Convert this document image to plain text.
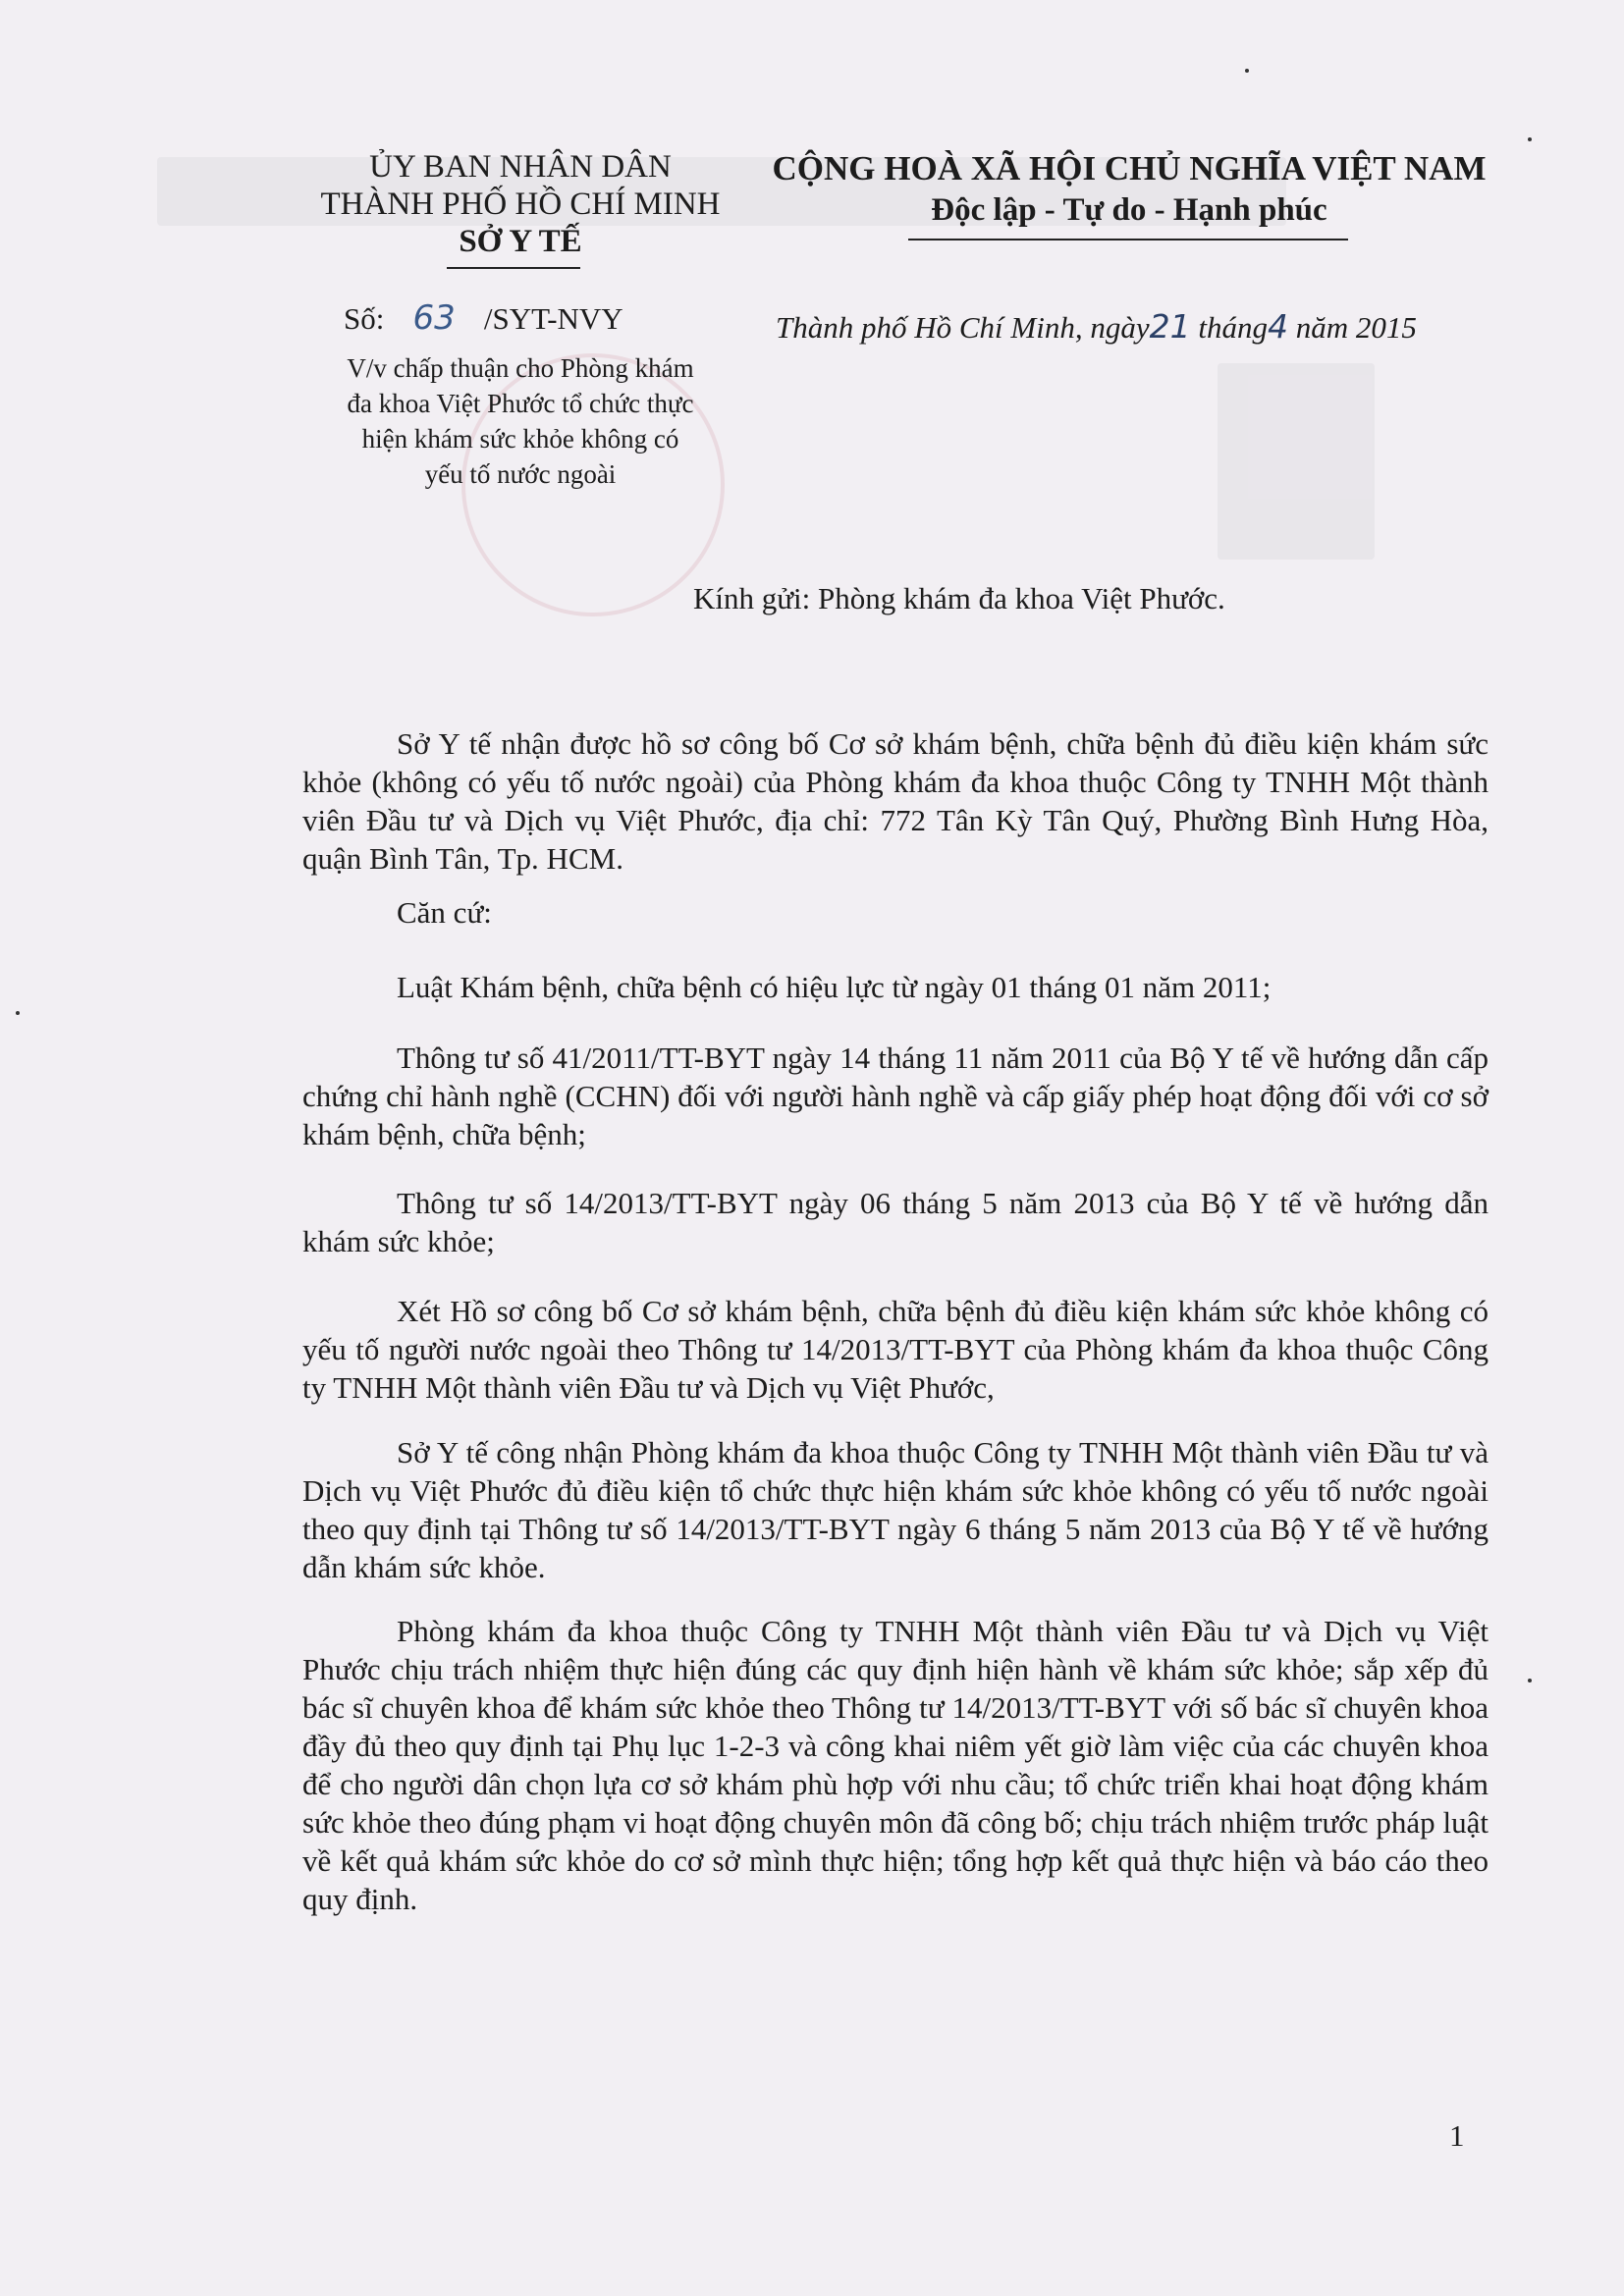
ỦY BAN NHÂN DÂN

THÀNH PHỐ HỒ CHÍ MINH

SỞ Y TẾ

Số: 63 /SYT-NVY

V/v chấp thuận cho Phòng khám
đa khoa Việt Phước tổ chức thực
hiện khám sức khỏe không có
yếu tố nước ngoài

CỘNG HOÀ XÃ HỘI CHỦ NGHĨA VIỆT NAM

Độc lập - Tự do - Hạnh phúc

Thành phố Hồ Chí Minh, ngày21 tháng4 năm 2015

Kính gửi: Phòng khám đa khoa Việt Phước.

Sở Y tế nhận được hồ sơ công bố Cơ sở khám bệnh, chữa bệnh đủ điều kiện khám sức khỏe (không có yếu tố nước ngoài) của Phòng khám đa khoa thuộc Công ty TNHH Một thành viên Đầu tư và Dịch vụ Việt Phước, địa chỉ: 772 Tân Kỳ Tân Quý, Phường Bình Hưng Hòa, quận Bình Tân, Tp. HCM.

Căn cứ:

Luật Khám bệnh, chữa bệnh có hiệu lực từ ngày 01 tháng 01 năm 2011;

Thông tư số 41/2011/TT-BYT ngày 14 tháng 11 năm 2011 của Bộ Y tế về hướng dẫn cấp chứng chỉ hành nghề (CCHN) đối với người hành nghề và cấp giấy phép hoạt động đối với cơ sở khám bệnh, chữa bệnh;

Thông tư số 14/2013/TT-BYT ngày 06 tháng 5 năm 2013 của Bộ Y tế về hướng dẫn khám sức khỏe;

Xét Hồ sơ công bố Cơ sở khám bệnh, chữa bệnh đủ điều kiện khám sức khỏe không có yếu tố người nước ngoài theo Thông tư 14/2013/TT-BYT của Phòng khám đa khoa thuộc Công ty TNHH Một thành viên Đầu tư và Dịch vụ Việt Phước,

Sở Y tế công nhận Phòng khám đa khoa thuộc Công ty TNHH Một thành viên Đầu tư và Dịch vụ Việt Phước đủ điều kiện tổ chức thực hiện khám sức khỏe không có yếu tố nước ngoài theo quy định tại Thông tư số 14/2013/TT-BYT ngày 6 tháng 5 năm 2013 của Bộ Y tế về hướng dẫn khám sức khỏe.

Phòng khám đa khoa thuộc Công ty TNHH Một thành viên Đầu tư và Dịch vụ Việt Phước chịu trách nhiệm thực hiện đúng các quy định hiện hành về khám sức khỏe; sắp xếp đủ bác sĩ chuyên khoa để khám sức khỏe theo Thông tư 14/2013/TT-BYT với số bác sĩ chuyên khoa đầy đủ theo quy định tại Phụ lục 1-2-3 và công khai niêm yết giờ làm việc của các chuyên khoa để cho người dân chọn lựa cơ sở khám phù hợp với nhu cầu; tổ chức triển khai hoạt động khám sức khỏe theo đúng phạm vi hoạt động chuyên môn đã công bố; chịu trách nhiệm trước pháp luật về kết quả khám sức khỏe do cơ sở mình thực hiện; tổng hợp kết quả thực hiện và báo cáo theo quy định.

1
